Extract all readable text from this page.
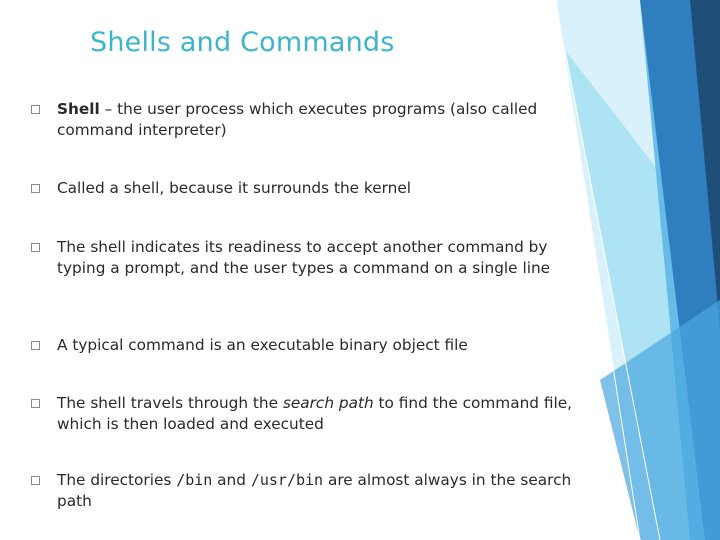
Shells and Commands
Shell – the user process which executes programs (also called command interpreter)
Called a shell, because it surrounds the kernel
The shell indicates its readiness to accept another command by typing a prompt, and the user types a command on a single line
A typical command is an executable binary object file
The shell travels through the search path to find the command file, which is then loaded and executed
The directories /bin and /usr/bin are almost always in the search path
